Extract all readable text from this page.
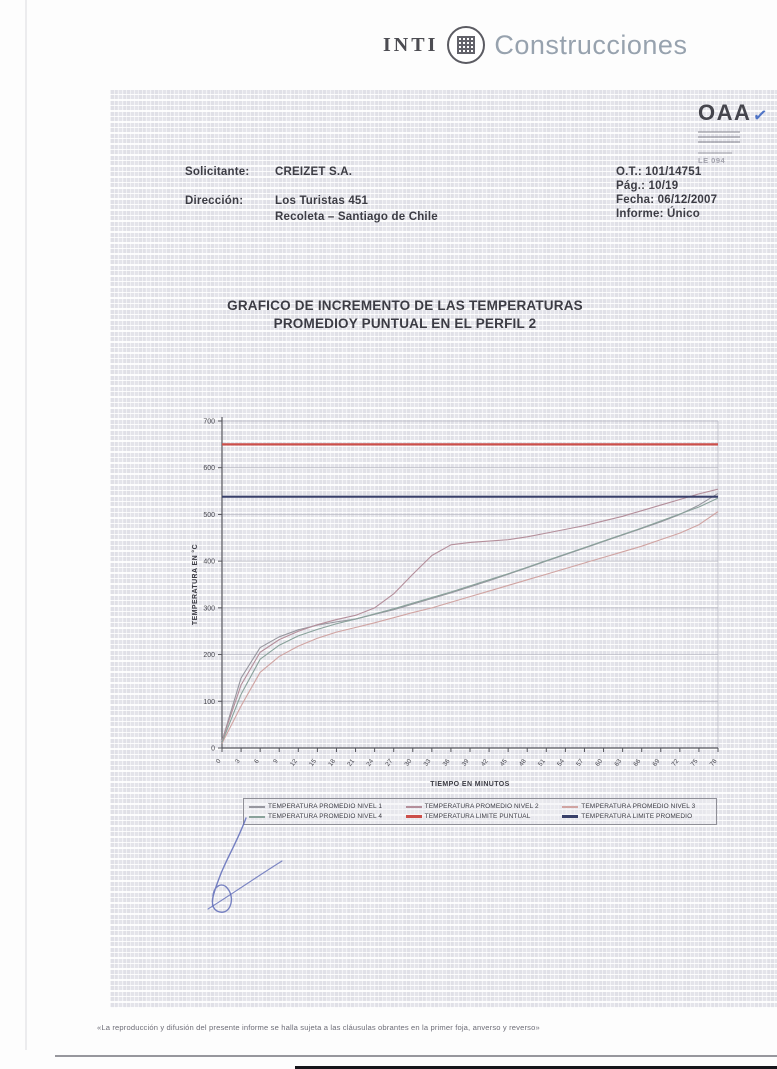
INTI Construcciones
OAA ✓
LE 094
Solicitante: CREIZET S.A.
Dirección:	Los Turistas 451
Recoleta – Santiago de Chile
O.T.: 101/14751
Pág.: 10/19
Fecha: 06/12/2007
Informe: Único
GRAFICO DE INCREMENTO DE LAS TEMPERATURAS
PROMEDIOY PUNTUAL EN EL PERFIL 2
0
100
200
300
400
500
600
700
0 3 6 9 12 15 18 21 24 27 30 33 36 39 42 45 48 51 54 57 60 63 66 69 72 75 78
TEMPERATURA EN °C
TIEMPO EN MINUTOS
TEMPERATURA PROMEDIO NIVEL 1	TEMPERATURA PROMEDIO NIVEL 2	TEMPERATURA PROMEDIO NIVEL 3
TEMPERATURA PROMEDIO NIVEL 4	TEMPERATURA LIMITE PUNTUAL	TEMPERATURA LIMITE PROMEDIO
«La reproducción y difusión del presente informe se halla sujeta a las cláusulas obrantes en la primer foja, anverso y reverso»
